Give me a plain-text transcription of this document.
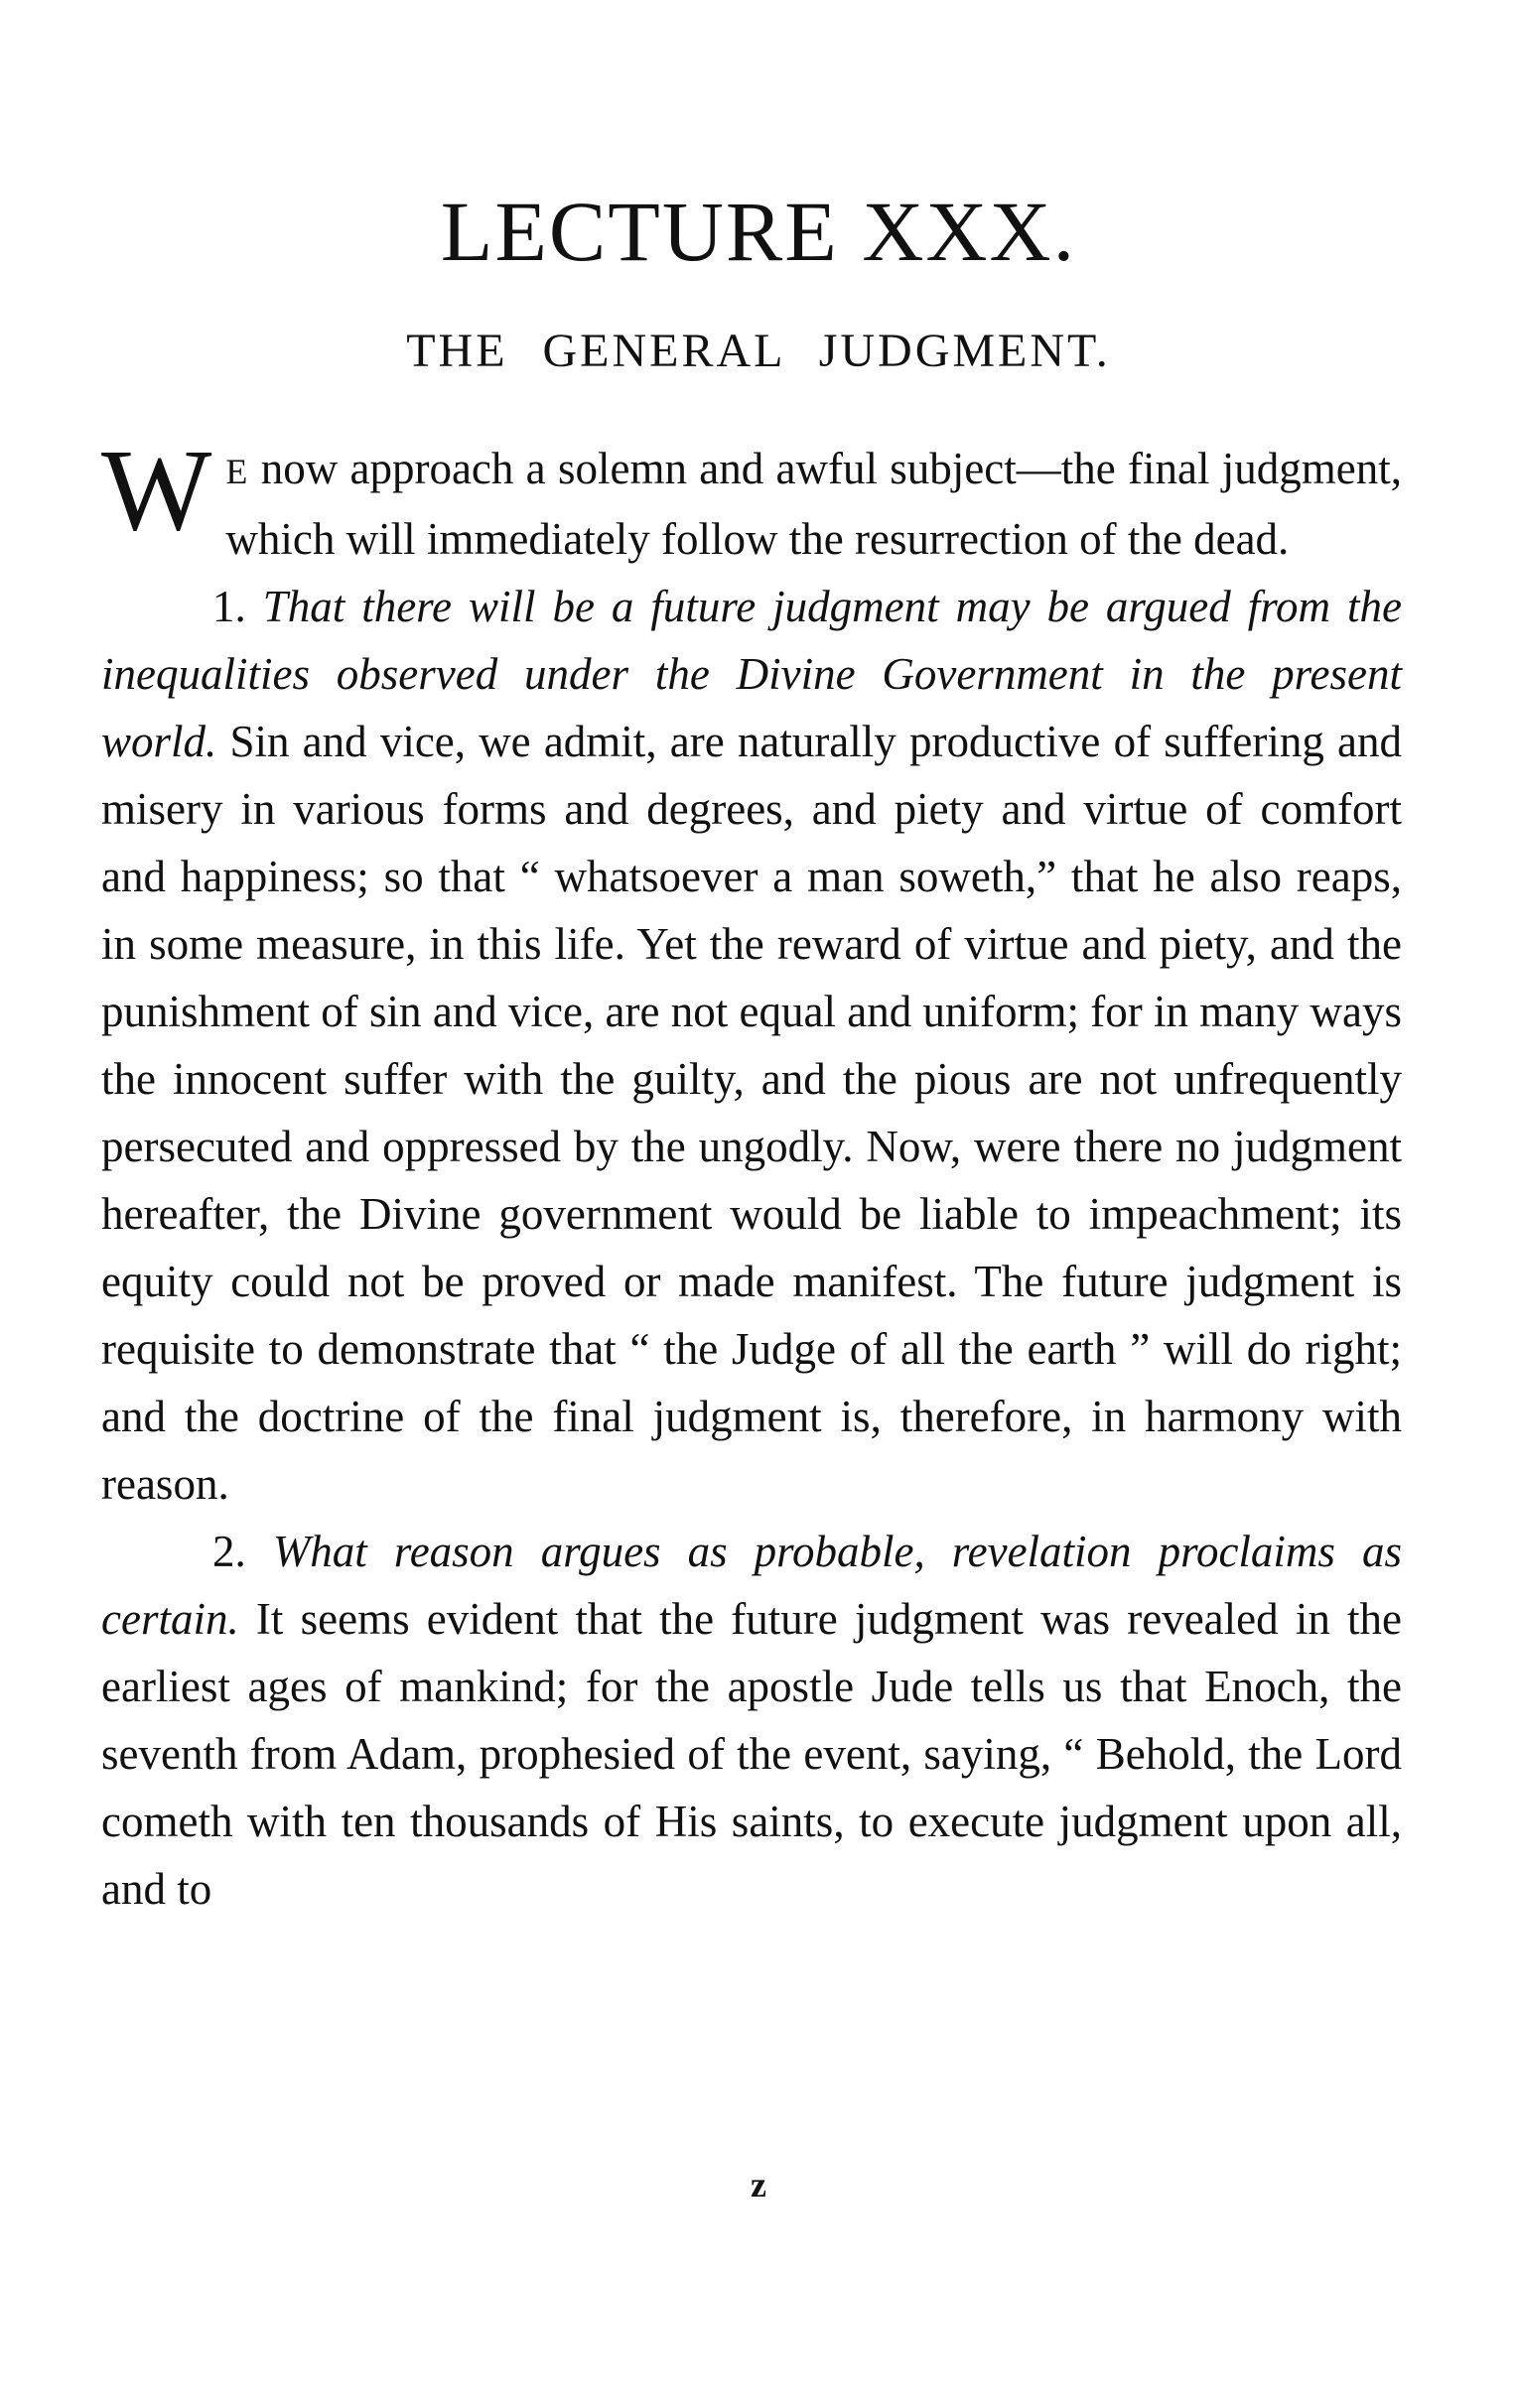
LECTURE XXX.
THE GENERAL JUDGMENT.

W E now approach a solemn and awful subject—the final judgment, which will immediately follow the resurrection of the dead.

1. That there will be a future judgment may be argued from the inequalities observed under the Divine Government in the present world. Sin and vice, we admit, are naturally productive of suffering and misery in various forms and degrees, and piety and virtue of comfort and happiness; so that “ whatsoever a man soweth,” that he also reaps, in some measure, in this life. Yet the reward of virtue and piety, and the punishment of sin and vice, are not equal and uniform; for in many ways the innocent suffer with the guilty, and the pious are not unfrequently persecuted and oppressed by the ungodly. Now, were there no judgment hereafter, the Divine government would be liable to impeachment; its equity could not be proved or made manifest. The future judgment is requisite to demonstrate that “ the Judge of all the earth ” will do right; and the doctrine of the final judgment is, therefore, in harmony with reason.

2. What reason argues as probable, revelation proclaims as certain. It seems evident that the future judgment was revealed in the earliest ages of mankind; for the apostle Jude tells us that Enoch, the seventh from Adam, prophesied of the event, saying, “ Behold, the Lord cometh with ten thousands of His saints, to execute judgment upon all, and to

z
